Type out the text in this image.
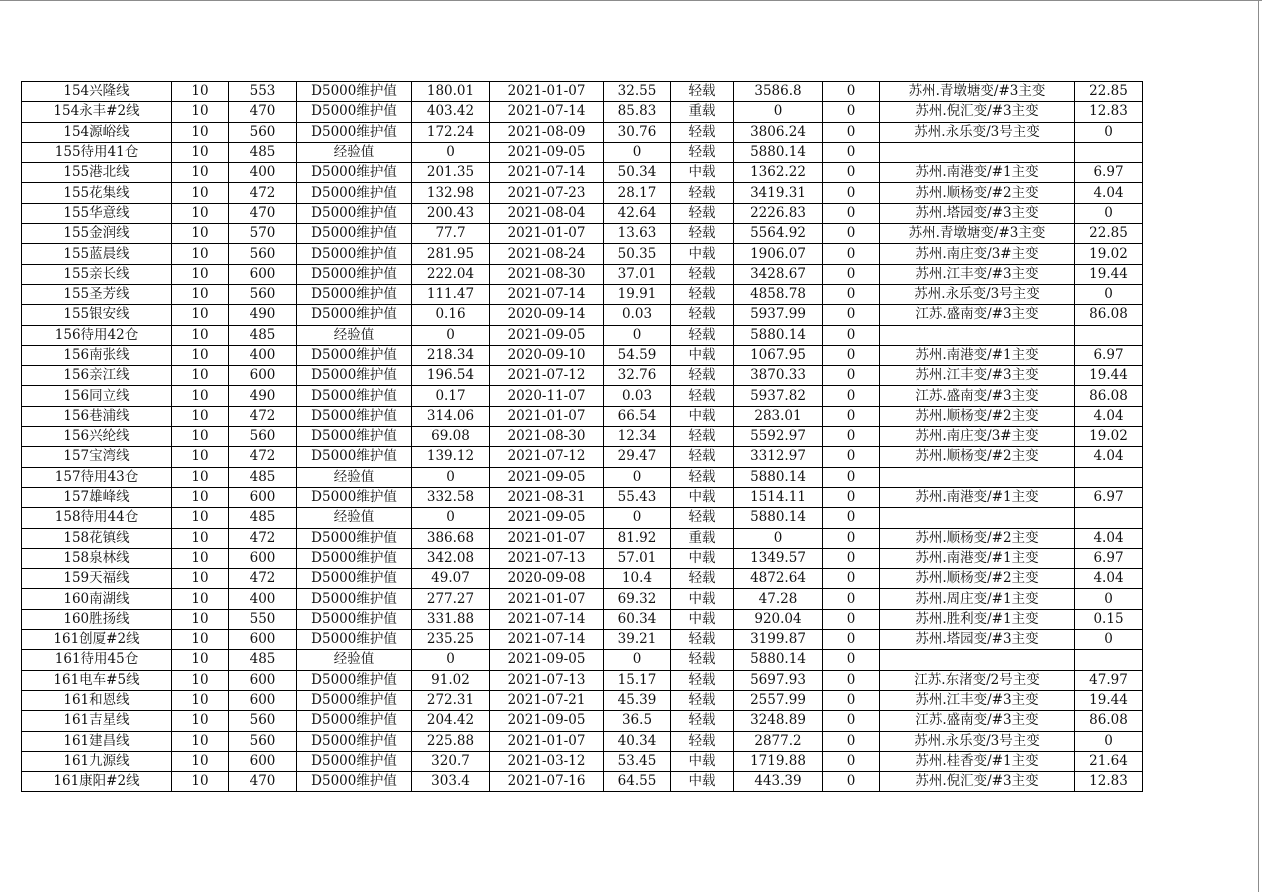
154兴隆线	10	553	D5000维护值	180.01	2021-01-07	32.55	轻载	3586.8	0	苏州.青墩塘变/#3主变	22.85
154永丰#2线	10	470	D5000维护值	403.42	2021-07-14	85.83	重载	0	0	苏州.倪汇变/#3主变	12.83
154源峪线	10	560	D5000维护值	172.24	2021-08-09	30.76	轻载	3806.24	0	苏州.永乐变/3号主变	0
155待用41仓	10	485	经验值	0	2021-09-05	0	轻载	5880.14	0		
155港北线	10	400	D5000维护值	201.35	2021-07-14	50.34	中载	1362.22	0	苏州.南港变/#1主变	6.97
155花集线	10	472	D5000维护值	132.98	2021-07-23	28.17	轻载	3419.31	0	苏州.顺杨变/#2主变	4.04
155华意线	10	470	D5000维护值	200.43	2021-08-04	42.64	轻载	2226.83	0	苏州.塔园变/#3主变	0
155金润线	10	570	D5000维护值	77.7	2021-01-07	13.63	轻载	5564.92	0	苏州.青墩塘变/#3主变	22.85
155蓝晨线	10	560	D5000维护值	281.95	2021-08-24	50.35	中载	1906.07	0	苏州.南庄变/3#主变	19.02
155亲长线	10	600	D5000维护值	222.04	2021-08-30	37.01	轻载	3428.67	0	苏州.江丰变/#3主变	19.44
155圣芳线	10	560	D5000维护值	111.47	2021-07-14	19.91	轻载	4858.78	0	苏州.永乐变/3号主变	0
155银安线	10	490	D5000维护值	0.16	2020-09-14	0.03	轻载	5937.99	0	江苏.盛南变/#3主变	86.08
156待用42仓	10	485	经验值	0	2021-09-05	0	轻载	5880.14	0		
156南张线	10	400	D5000维护值	218.34	2020-09-10	54.59	中载	1067.95	0	苏州.南港变/#1主变	6.97
156亲江线	10	600	D5000维护值	196.54	2021-07-12	32.76	轻载	3870.33	0	苏州.江丰变/#3主变	19.44
156同立线	10	490	D5000维护值	0.17	2020-11-07	0.03	轻载	5937.82	0	江苏.盛南变/#3主变	86.08
156巷浦线	10	472	D5000维护值	314.06	2021-01-07	66.54	中载	283.01	0	苏州.顺杨变/#2主变	4.04
156兴纶线	10	560	D5000维护值	69.08	2021-08-30	12.34	轻载	5592.97	0	苏州.南庄变/3#主变	19.02
157宝湾线	10	472	D5000维护值	139.12	2021-07-12	29.47	轻载	3312.97	0	苏州.顺杨变/#2主变	4.04
157待用43仓	10	485	经验值	0	2021-09-05	0	轻载	5880.14	0		
157雄峰线	10	600	D5000维护值	332.58	2021-08-31	55.43	中载	1514.11	0	苏州.南港变/#1主变	6.97
158待用44仓	10	485	经验值	0	2021-09-05	0	轻载	5880.14	0		
158花镇线	10	472	D5000维护值	386.68	2021-01-07	81.92	重载	0	0	苏州.顺杨变/#2主变	4.04
158泉林线	10	600	D5000维护值	342.08	2021-07-13	57.01	中载	1349.57	0	苏州.南港变/#1主变	6.97
159天福线	10	472	D5000维护值	49.07	2020-09-08	10.4	轻载	4872.64	0	苏州.顺杨变/#2主变	4.04
160南湖线	10	400	D5000维护值	277.27	2021-01-07	69.32	中载	47.28	0	苏州.周庄变/#1主变	0
160胜扬线	10	550	D5000维护值	331.88	2021-07-14	60.34	中载	920.04	0	苏州.胜利变/#1主变	0.15
161创厦#2线	10	600	D5000维护值	235.25	2021-07-14	39.21	轻载	3199.87	0	苏州.塔园变/#3主变	0
161待用45仓	10	485	经验值	0	2021-09-05	0	轻载	5880.14	0		
161电车#5线	10	600	D5000维护值	91.02	2021-07-13	15.17	轻载	5697.93	0	江苏.东渚变/2号主变	47.97
161和恩线	10	600	D5000维护值	272.31	2021-07-21	45.39	轻载	2557.99	0	苏州.江丰变/#3主变	19.44
161吉星线	10	560	D5000维护值	204.42	2021-09-05	36.5	轻载	3248.89	0	江苏.盛南变/#3主变	86.08
161建昌线	10	560	D5000维护值	225.88	2021-01-07	40.34	轻载	2877.2	0	苏州.永乐变/3号主变	0
161九源线	10	600	D5000维护值	320.7	2021-03-12	53.45	中载	1719.88	0	苏州.桂香变/#1主变	21.64
161康阳#2线	10	470	D5000维护值	303.4	2021-07-16	64.55	中载	443.39	0	苏州.倪汇变/#3主变	12.83
